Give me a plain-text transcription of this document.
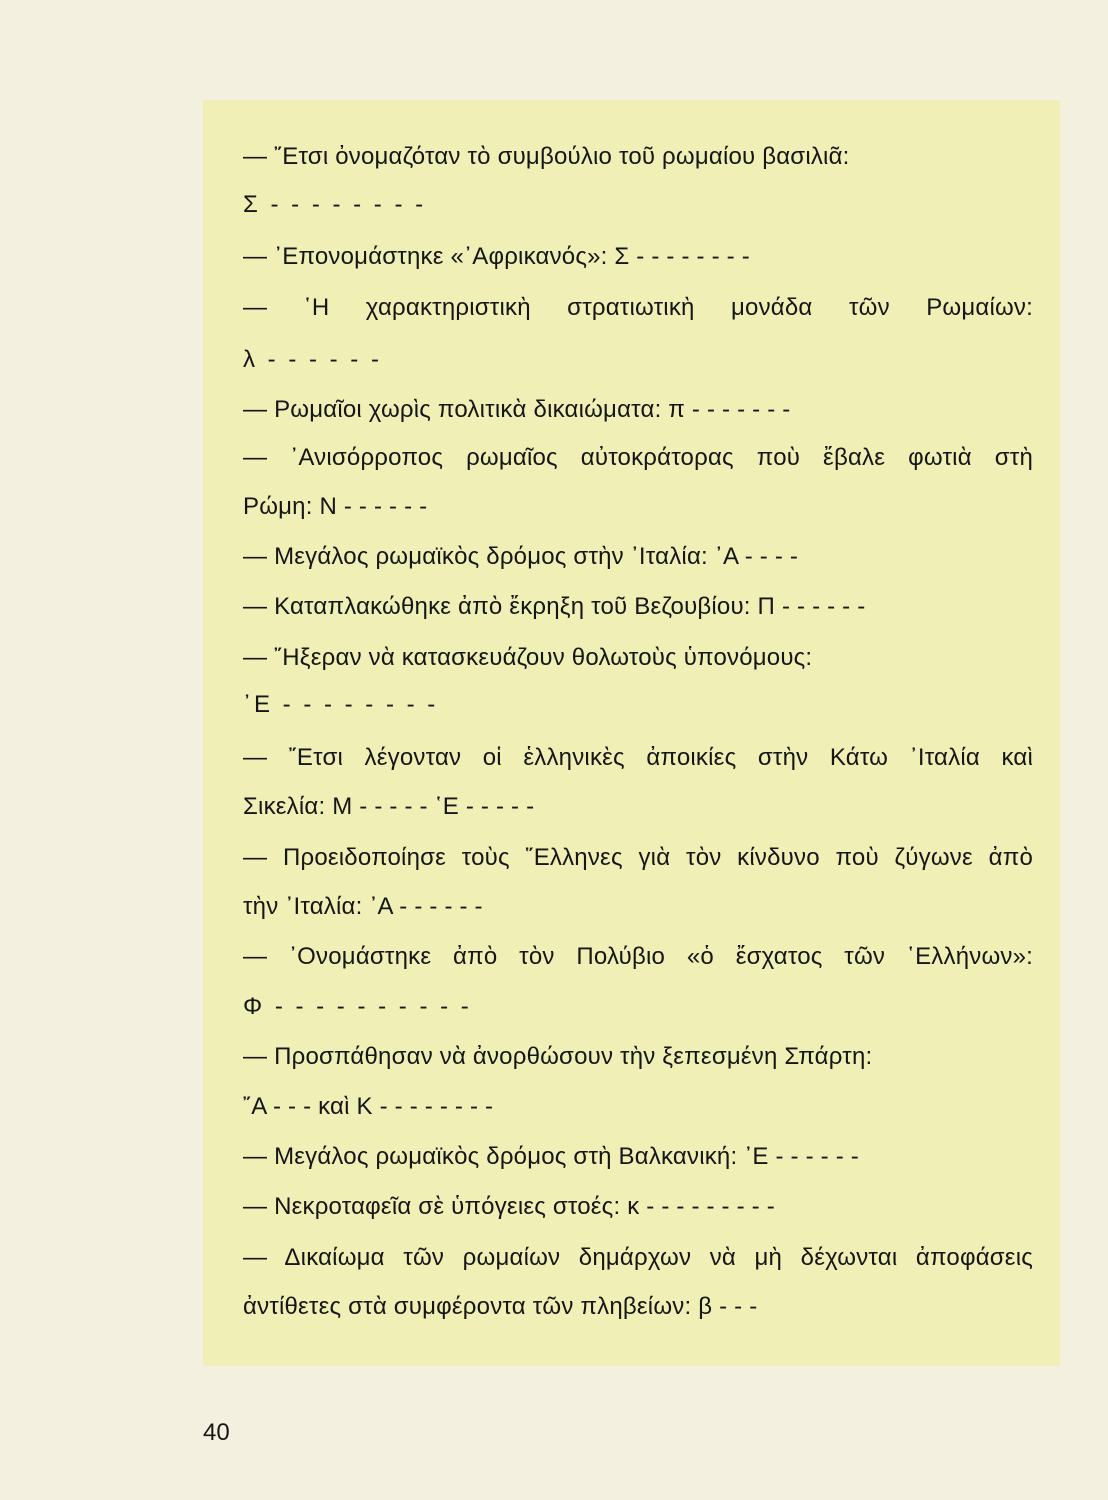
— ῎Ετσι ὀνομαζόταν τὸ συμβούλιο τοῦ ρωμαίου βασιλιᾶ:
Σ - - - - - - - -
— ᾿Επονομάστηκε «᾿Αφρικανός»: Σ - - - - - - - -
— ῾Η χαρακτηριστικὴ στρατιωτικὴ μονάδα τῶν Ρωμαίων:
λ - - - - - -
— Ρωμαῖοι χωρὶς πολιτικὰ δικαιώματα: π - - - - - - -
— ᾿Ανισόρροπος ρωμαῖος αὐτοκράτορας ποὺ ἔβαλε φωτιὰ στὴ
Ρώμη: Ν - - - - - -
— Μεγάλος ρωμαϊκὸς δρόμος στὴν ᾿Ιταλία: ᾿Α - - - -
— Καταπλακώθηκε ἀπὸ ἔκρηξη τοῦ Βεζουβίου: Π - - - - - -
— ῎Ηξεραν νὰ κατασκευάζουν θολωτοὺς ὑπονόμους:
᾿Ε - - - - - - - -
— ῎Ετσι λέγονταν οἱ ἑλληνικὲς ἀποικίες στὴν Κάτω ᾿Ιταλία καὶ
Σικελία: Μ - - - - - ῾Ε - - - - -
— Προειδοποίησε τοὺς ῞Ελληνες γιὰ τὸν κίνδυνο ποὺ ζύγωνε ἀπὸ
τὴν ᾿Ιταλία: ᾿Α - - - - - -
— ᾿Ονομάστηκε ἀπὸ τὸν Πολύβιο «ὁ ἔσχατος τῶν ῾Ελλήνων»:
Φ - - - - - - - - - -
— Προσπάθησαν νὰ ἀνορθώσουν τὴν ξεπεσμένη Σπάρτη:
῎Α - - - καὶ Κ - - - - - - - -
— Μεγάλος ρωμαϊκὸς δρόμος στὴ Βαλκανική: ᾿Ε - - - - - -
— Νεκροταφεῖα σὲ ὑπόγειες στοές: κ - - - - - - - - -
— Δικαίωμα τῶν ρωμαίων δημάρχων νὰ μὴ δέχωνται ἀποφάσεις
ἀντίθετες στὰ συμφέροντα τῶν πληβείων: β - - -
40
